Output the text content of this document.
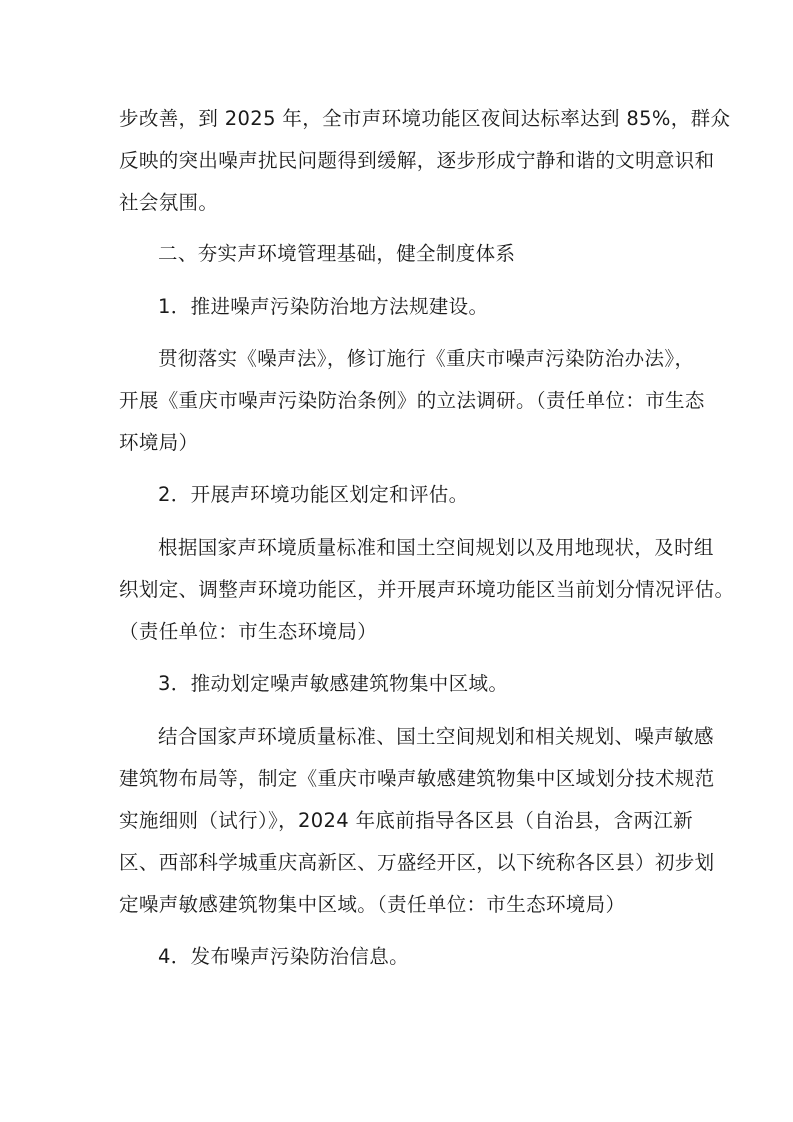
步改善，到 2025 年，全市声环境功能区夜间达标率达到 85%，群众
反映的突出噪声扰民问题得到缓解，逐步形成宁静和谐的文明意识和
社会氛围。
二、夯实声环境管理基础，健全制度体系
1．推进噪声污染防治地方法规建设。
贯彻落实《噪声法》，修订施行《重庆市噪声污染防治办法》，
开展《重庆市噪声污染防治条例》的立法调研。（责任单位：市生态
环境局）
2．开展声环境功能区划定和评估。
根据国家声环境质量标准和国土空间规划以及用地现状，及时组
织划定、调整声环境功能区，并开展声环境功能区当前划分情况评估。
（责任单位：市生态环境局）
3．推动划定噪声敏感建筑物集中区域。
结合国家声环境质量标准、国土空间规划和相关规划、噪声敏感
建筑物布局等，制定《重庆市噪声敏感建筑物集中区域划分技术规范
实施细则（试行）》，2024 年底前指导各区县（自治县，含两江新
区、西部科学城重庆高新区、万盛经开区，以下统称各区县）初步划
定噪声敏感建筑物集中区域。（责任单位：市生态环境局）
4．发布噪声污染防治信息。
